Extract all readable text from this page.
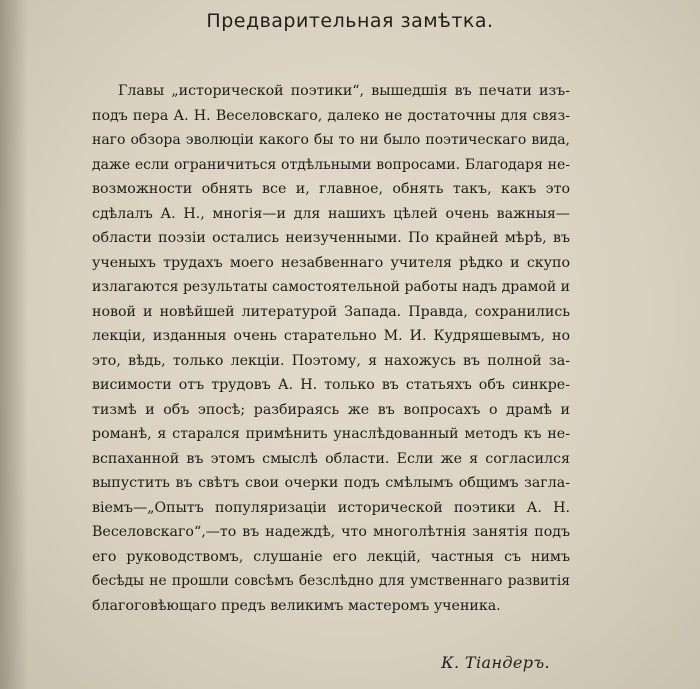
Предварительная замѣтка.
Главы „исторической поэтики“, вышедшія въ печати изъ-
подъ пера А. Н. Веселовскаго, далеко не достаточны для связ-
наго обзора эволюціи какого бы то ни было поэтическаго вида,
даже если ограничиться отдѣльными вопросами. Благодаря не-
возможности обнять все и, главное, обнять такъ, какъ это
сдѣлалъ А. Н., многія—и для нашихъ цѣлей очень важныя—
области поэзіи остались неизученными. По крайней мѣрѣ, въ
ученыхъ трудахъ моего незабвеннаго учителя рѣдко и скупо
излагаются результаты самостоятельной работы надъ драмой и
новой и новѣйшей литературой Запада. Правда, сохранились
лекціи, изданныя очень старательно М. И. Кудряшевымъ, но
это, вѣдь, только лекціи. Поэтому, я нахожусь въ полной за-
висимости отъ трудовъ А. Н. только въ статьяхъ объ синкре-
тизмѣ и объ эпосѣ; разбираясь же въ вопросахъ о драмѣ и
романѣ, я старался примѣнить унаслѣдованный методъ къ не-
вспаханной въ этомъ смыслѣ области. Если же я согласился
выпустить въ свѣтъ свои очерки подъ смѣлымъ общимъ загла-
віемъ—„Опытъ популяризаціи исторической поэтики А. Н.
Веселовскаго“,—то въ надеждѣ, что многолѣтнія занятія подъ
его руководствомъ, слушаніе его лекцій, частныя съ нимъ
бесѣды не прошли совсѣмъ безслѣдно для умственнаго развитія
благоговѣющаго предъ великимъ мастеромъ ученика.
К. Тіандеръ.
